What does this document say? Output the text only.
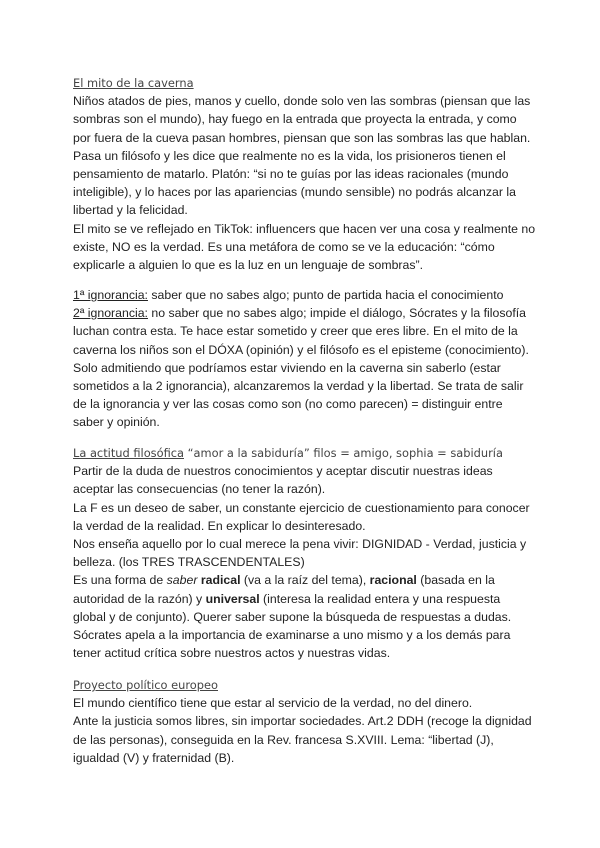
El mito de la caverna
Niños atados de pies, manos y cuello, donde solo ven las sombras (piensan que las
sombras son el mundo), hay fuego en la entrada que proyecta la entrada, y como
por fuera de la cueva pasan hombres, piensan que son las sombras las que hablan.
Pasa un filósofo y les dice que realmente no es la vida, los prisioneros tienen el
pensamiento de matarlo. Platón: “si no te guías por las ideas racionales (mundo
inteligible), y lo haces por las apariencias (mundo sensible) no podrás alcanzar la
libertad y la felicidad.
El mito se ve reflejado en TikTok: influencers que hacen ver una cosa y realmente no
existe, NO es la verdad. Es una metáfora de como se ve la educación: “cómo
explicarle a alguien lo que es la luz en un lenguaje de sombras”.
1ª ignorancia: saber que no sabes algo; punto de partida hacia el conocimiento
2ª ignorancia: no saber que no sabes algo; impide el diálogo, Sócrates y la filosofía
luchan contra esta. Te hace estar sometido y creer que eres libre. En el mito de la
caverna los niños son el DÓXA (opinión) y el filósofo es el episteme (conocimiento).
Solo admitiendo que podríamos estar viviendo en la caverna sin saberlo (estar
sometidos a la 2 ignorancia), alcanzaremos la verdad y la libertad. Se trata de salir
de la ignorancia y ver las cosas como son (no como parecen) = distinguir entre
saber y opinión.
La actitud filosófica “amor a la sabiduría” filos = amigo, sophia = sabiduría
Partir de la duda de nuestros conocimientos y aceptar discutir nuestras ideas
aceptar las consecuencias (no tener la razón).
La F es un deseo de saber, un constante ejercicio de cuestionamiento para conocer
la verdad de la realidad. En explicar lo desinteresado.
Nos enseña aquello por lo cual merece la pena vivir: DIGNIDAD - Verdad, justicia y
belleza. (los TRES TRASCENDENTALES)
Es una forma de saber radical (va a la raíz del tema), racional (basada en la
autoridad de la razón) y universal (interesa la realidad entera y una respuesta
global y de conjunto). Querer saber supone la búsqueda de respuestas a dudas.
Sócrates apela a la importancia de examinarse a uno mismo y a los demás para
tener actitud crítica sobre nuestros actos y nuestras vidas.
Proyecto político europeo
El mundo científico tiene que estar al servicio de la verdad, no del dinero.
Ante la justicia somos libres, sin importar sociedades. Art.2 DDH (recoge la dignidad
de las personas), conseguida en la Rev. francesa S.XVIII. Lema: “libertad (J),
igualdad (V) y fraternidad (B).
